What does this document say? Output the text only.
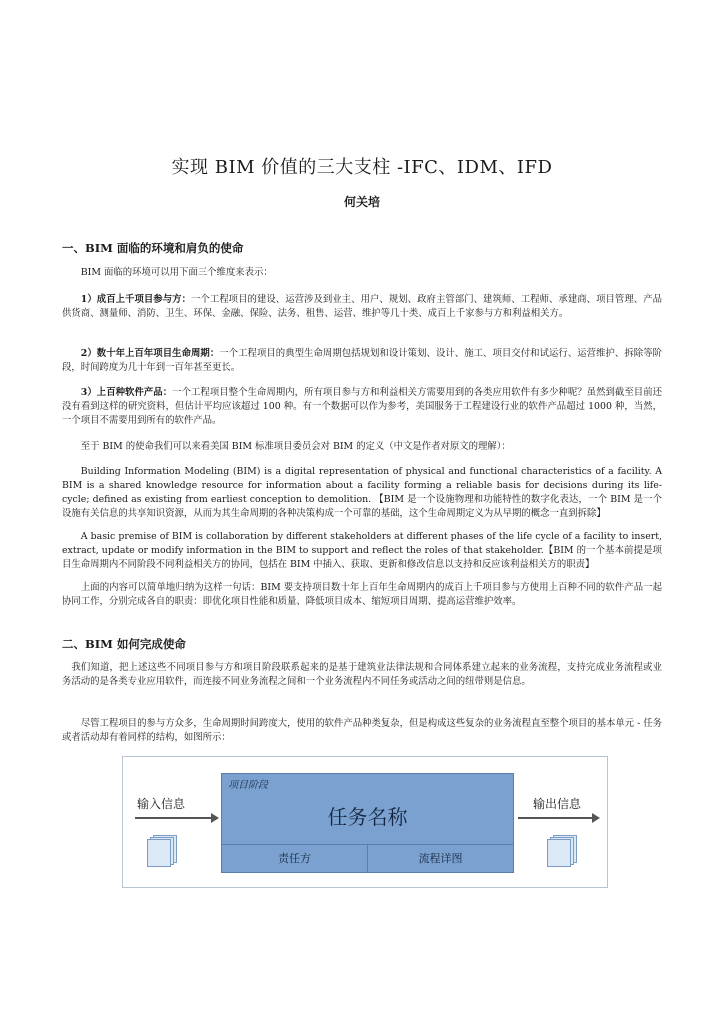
实现 BIM 价值的三大支柱 -IFC、IDM、IFD
何关培
一、BIM 面临的环境和肩负的使命
BIM 面临的环境可以用下面三个维度来表示：
1）成百上千项目参与方：一个工程项目的建设、运营涉及到业主、用户、规划、政府主管部门、建筑师、工程师、承建商、项目管理、产品供货商、测量师、消防、卫生、环保、金融、保险、法务、租售、运营、维护等几十类、成百上千家参与方和利益相关方。
2）数十年上百年项目生命周期：一个工程项目的典型生命周期包括规划和设计策划、设计、施工、项目交付和试运行、运营维护、拆除等阶段，时间跨度为几十年到一百年甚至更长。
3）上百种软件产品：一个工程项目整个生命周期内，所有项目参与方和利益相关方需要用到的各类应用软件有多少种呢？虽然到截至目前还没有看到这样的研究资料，但估计平均应该超过 100 种。有一个数据可以作为参考，美国服务于工程建设行业的软件产品超过 1000 种，当然，一个项目不需要用到所有的软件产品。
至于 BIM 的使命我们可以来看美国 BIM 标准项目委员会对 BIM 的定义（中文是作者对原文的理解）：
Building Information Modeling (BIM) is a digital representation of physical and functional characteristics of a facility. A BIM is a shared knowledge resource for information about a facility forming a reliable basis for decisions during its life-cycle; defined as existing from earliest conception to demolition. 【BIM 是一个设施物理和功能特性的数字化表达，一个 BIM 是一个设施有关信息的共享知识资源，从而为其生命周期的各种决策构成一个可靠的基础，这个生命周期定义为从早期的概念一直到拆除】
A basic premise of BIM is collaboration by different stakeholders at different phases of the life cycle of a facility to insert, extract, update or modify information in the BIM to support and reflect the roles of that stakeholder.【BIM 的一个基本前提是项目生命周期内不同阶段不同利益相关方的协同，包括在 BIM 中插入、获取、更新和修改信息以支持和反应该利益相关方的职责】
上面的内容可以简单地归纳为这样一句话：BIM 要支持项目数十年上百年生命周期内的成百上千项目参与方使用上百种不同的软件产品一起协同工作，分别完成各自的职责：即优化项目性能和质量、降低项目成本、缩短项目周期、提高运营维护效率。
二、BIM 如何完成使命
我们知道，把上述这些不同项目参与方和项目阶段联系起来的是基于建筑业法律法规和合同体系建立起来的业务流程，支持完成业务流程或业务活动的是各类专业应用软件，而连接不同业务流程之间和一个业务流程内不同任务或活动之间的纽带则是信息。
尽管工程项目的参与方众多，生命周期时间跨度大，使用的软件产品种类复杂，但是构成这些复杂的业务流程直至整个项目的基本单元 - 任务或者活动却有着同样的结构，如图所示：
输入信息
项目阶段
任务名称
责任方	流程详图
输出信息
